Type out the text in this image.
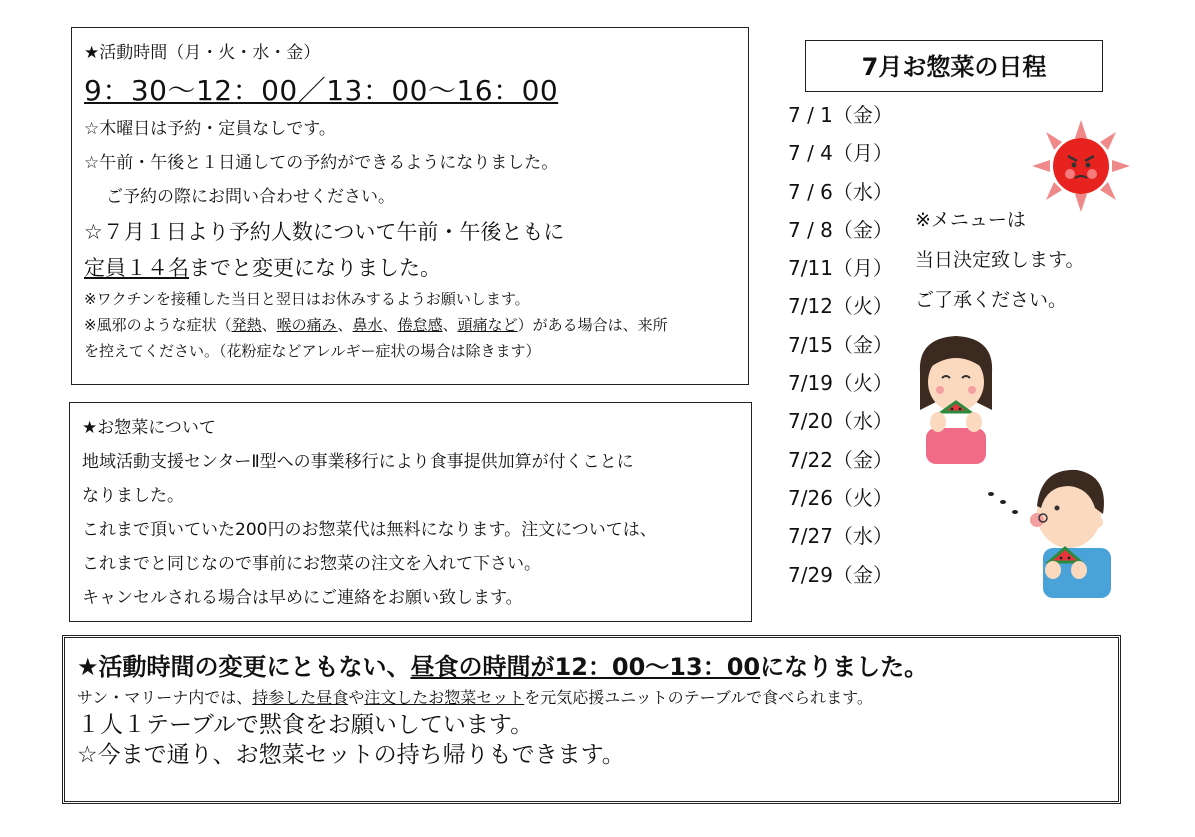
★活動時間（月・火・水・金）
9：30〜12：00／13：00〜16：00
☆木曜日は予約・定員なしです。
☆午前・午後と１日通しての予約ができるようになりました。
ご予約の際にお問い合わせください。
☆７月１日より予約人数について午前・午後ともに
定員１４名までと変更になりました。
※ワクチンを接種した当日と翌日はお休みするようお願いします。
※風邪のような症状（発熱、喉の痛み、鼻水、倦怠感、頭痛など）がある場合は、来所
を控えてください。（花粉症などアレルギー症状の場合は除きます）
★お惣菜について
地域活動支援センターⅡ型への事業移行により食事提供加算が付くことに
なりました。
これまで頂いていた200円のお惣菜代は無料になります。注文については、
これまでと同じなので事前にお惣菜の注文を入れて下さい。
キャンセルされる場合は早めにご連絡をお願い致します。
7月お惣菜の日程
7 / 1（金）
7 / 4（月）
7 / 6（水）
7 / 8（金）
7/11（月）
7/12（火）
7/15（金）
7/19（火）
7/20（水）
7/22（金）
7/26（火）
7/27（水）
7/29（金）
※メニューは
当日決定致します。
ご了承ください。
★活動時間の変更にともない、昼食の時間が12：00〜13：00になりました。
サン・マリーナ内では、持参した昼食や注文したお惣菜セットを元気応援ユニットのテーブルで食べられます。
１人１テーブルで黙食をお願いしています。
☆今まで通り、お惣菜セットの持ち帰りもできます。
